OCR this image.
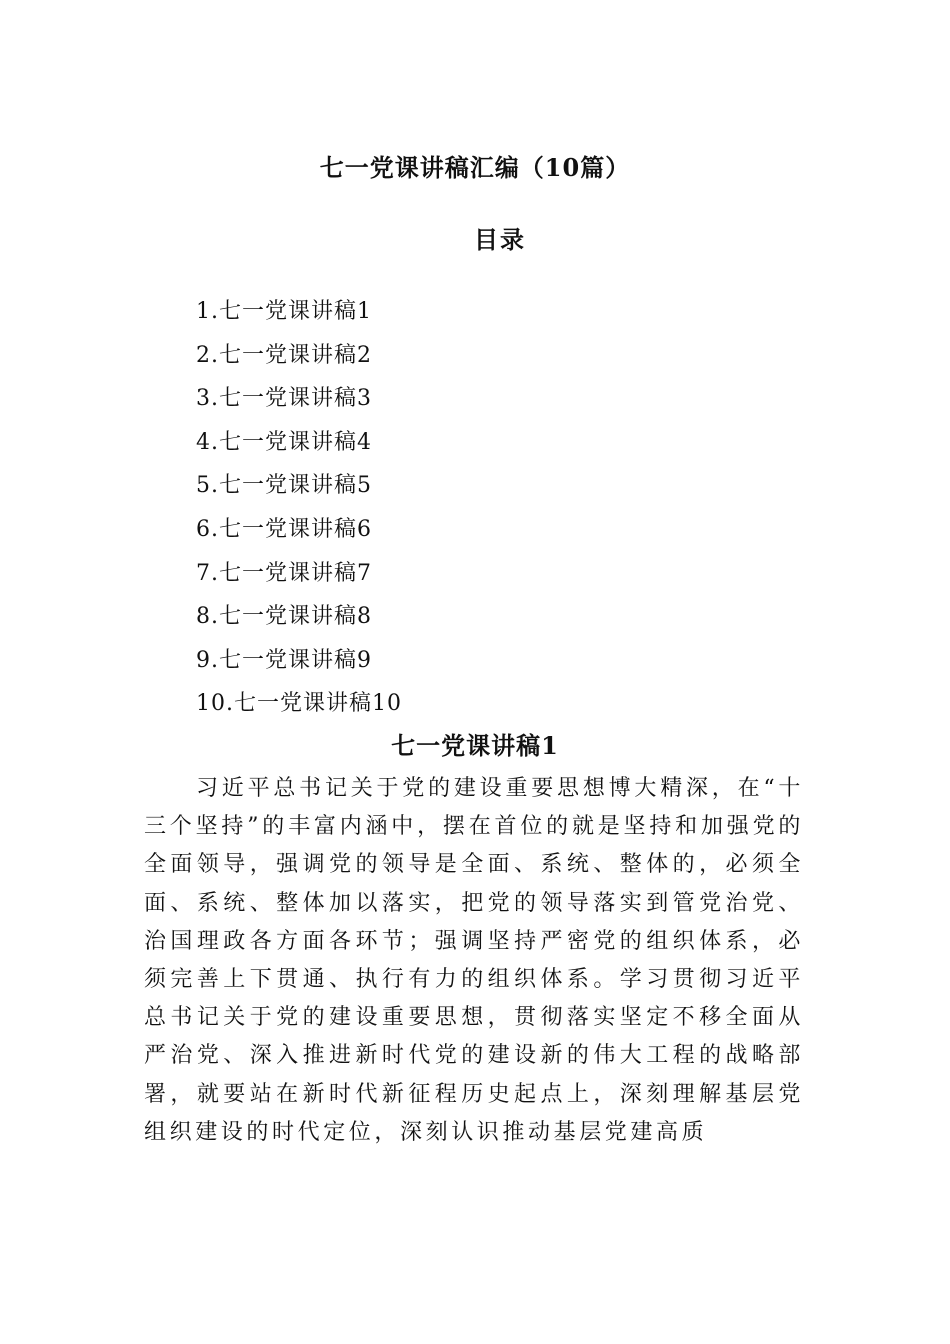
七一党课讲稿汇编（10篇）
目录
1.七一党课讲稿1
2.七一党课讲稿2
3.七一党课讲稿3
4.七一党课讲稿4
5.七一党课讲稿5
6.七一党课讲稿6
7.七一党课讲稿7
8.七一党课讲稿8
9.七一党课讲稿9
10.七一党课讲稿10
七一党课讲稿1

习近平总书记关于党的建设重要思想博大精深，在“十三个坚持”的丰富内涵中，摆在首位的就是坚持和加强党的全面领导，强调党的领导是全面、系统、整体的，必须全面、系统、整体加以落实，把党的领导落实到管党治党、治国理政各方面各环节；强调坚持严密党的组织体系，必须完善上下贯通、执行有力的组织体系。学习贯彻习近平总书记关于党的建设重要思想，贯彻落实坚定不移全面从严治党、深入推进新时代党的建设新的伟大工程的战略部署，就要站在新时代新征程历史起点上，深刻理解基层党组织建设的时代定位，深刻认识推动基层党建高质
